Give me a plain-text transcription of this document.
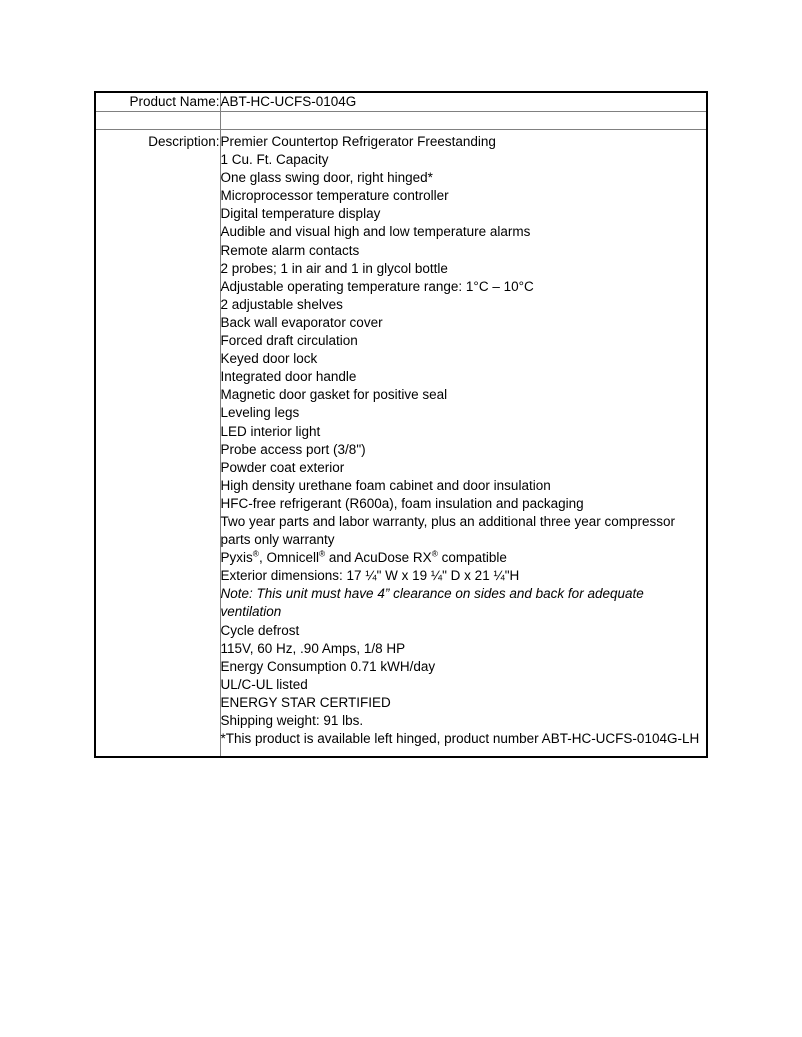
Product Name:	ABT-HC-UCFS-0104G

Description:	Premier Countertop Refrigerator Freestanding
1 Cu. Ft. Capacity
One glass swing door, right hinged*
Microprocessor temperature controller
Digital temperature display
Audible and visual high and low temperature alarms
Remote alarm contacts
2 probes; 1 in air and 1 in glycol bottle
Adjustable operating temperature range: 1°C – 10°C
2 adjustable shelves
Back wall evaporator cover
Forced draft circulation
Keyed door lock
Integrated door handle
Magnetic door gasket for positive seal
Leveling legs
LED interior light
Probe access port (3/8")
Powder coat exterior
High density urethane foam cabinet and door insulation
HFC-free refrigerant (R600a), foam insulation and packaging
Two year parts and labor warranty, plus an additional three year compressor parts only warranty
Pyxis®, Omnicell® and AcuDose RX® compatible
Exterior dimensions: 17 ¼" W x 19 ¼" D x 21 ¼"H
Note: This unit must have 4” clearance on sides and back for adequate ventilation
Cycle defrost
115V, 60 Hz, .90 Amps, 1/8 HP
Energy Consumption 0.71 kWH/day
UL/C-UL listed
ENERGY STAR CERTIFIED
Shipping weight: 91 lbs.
*This product is available left hinged, product number ABT-HC-UCFS-0104G-LH
